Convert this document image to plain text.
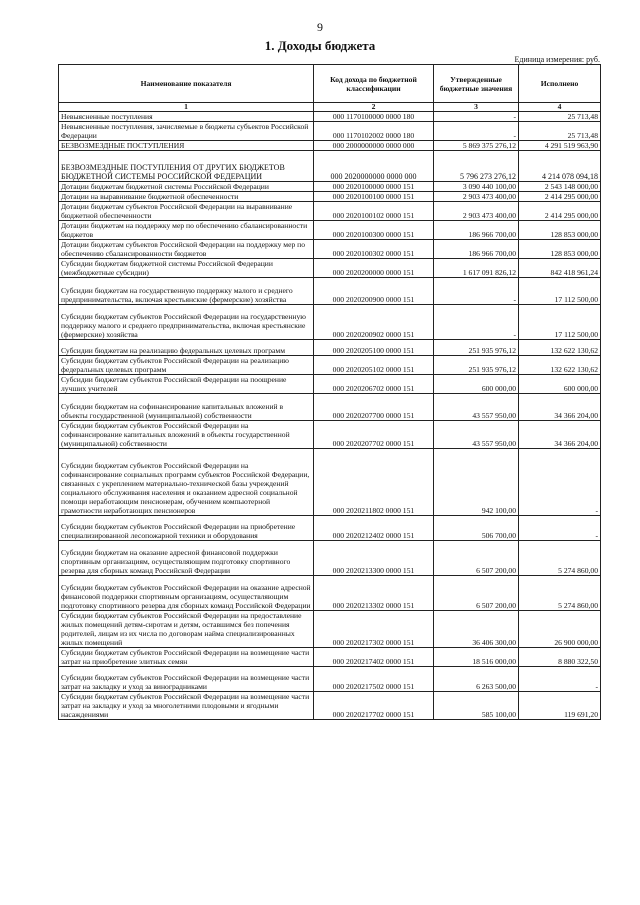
9
1. Доходы бюджета
Единица измерения: руб.
Наименование показателя	Код дохода по бюджетной классификации	Утвержденные бюджетные значения	Исполнено
1	2	3	4
Невыясненные поступления	000 1170100000 0000 180	-	25 713,48
Невыясненные поступления, зачисляемые в бюджеты субъектов Российской Федерации	000 1170102002 0000 180	-	25 713,48
БЕЗВОЗМЕЗДНЫЕ ПОСТУПЛЕНИЯ	000 2000000000 0000 000	5 869 375 276,12	4 291 519 963,90
БЕЗВОЗМЕЗДНЫЕ ПОСТУПЛЕНИЯ ОТ ДРУГИХ БЮДЖЕТОВ БЮДЖЕТНОЙ СИСТЕМЫ РОССИЙСКОЙ ФЕДЕРАЦИИ	000 2020000000 0000 000	5 796 273 276,12	4 214 078 094,18
Дотации бюджетам бюджетной системы Российской Федерации	000 2020100000 0000 151	3 090 440 100,00	2 543 148 000,00
Дотации на выравнивание бюджетной обеспеченности	000 2020100100 0000 151	2 903 473 400,00	2 414 295 000,00
Дотации бюджетам субъектов Российской Федерации на выравнивание бюджетной обеспеченности	000 2020100102 0000 151	2 903 473 400,00	2 414 295 000,00
Дотации бюджетам на поддержку мер по обеспечению сбалансированности бюджетов	000 2020100300 0000 151	186 966 700,00	128 853 000,00
Дотации бюджетам субъектов Российской Федерации на поддержку мер по обеспечению сбалансированности бюджетов	000 2020100302 0000 151	186 966 700,00	128 853 000,00
Субсидии бюджетам бюджетной системы Российской Федерации (межбюджетные субсидии)	000 2020200000 0000 151	1 617 091 826,12	842 418 961,24
Субсидии бюджетам на государственную поддержку малого и среднего предпринимательства, включая крестьянские (фермерские) хозяйства	000 2020200900 0000 151	-	17 112 500,00
Субсидии бюджетам субъектов Российской Федерации на государственную поддержку малого и среднего предпринимательства, включая крестьянские (фермерские) хозяйства	000 2020200902 0000 151	-	17 112 500,00
Субсидии бюджетам на реализацию федеральных целевых программ	000 2020205100 0000 151	251 935 976,12	132 622 130,62
Субсидии бюджетам субъектов Российской Федерации на реализацию федеральных целевых программ	000 2020205102 0000 151	251 935 976,12	132 622 130,62
Субсидии бюджетам субъектов Российской Федерации на поощрение лучших учителей	000 2020206702 0000 151	600 000,00	600 000,00
Субсидии бюджетам на софинансирование капитальных вложений в объекты государственной (муниципальной) собственности	000 2020207700 0000 151	43 557 950,00	34 366 204,00
Субсидии бюджетам субъектов Российской Федерации на софинансирование капитальных вложений в объекты государственной (муниципальной) собственности	000 2020207702 0000 151	43 557 950,00	34 366 204,00
Субсидии бюджетам субъектов Российской Федерации на софинансирование социальных программ субъектов Российской Федерации, связанных с укреплением материально-технической базы учреждений социального обслуживания населения и оказанием адресной социальной помощи неработающим пенсионерам, обучением компьютерной грамотности неработающих пенсионеров	000 2020211802 0000 151	942 100,00	-
Субсидии бюджетам субъектов Российской Федерации на приобретение специализированной лесопожарной техники и оборудования	000 2020212402 0000 151	506 700,00	-
Субсидии бюджетам на оказание адресной финансовой поддержки спортивным организациям, осуществляющим подготовку спортивного резерва для сборных команд Российской Федерации	000 2020213300 0000 151	6 507 200,00	5 274 860,00
Субсидии бюджетам субъектов Российской Федерации на оказание адресной финансовой поддержки спортивным организациям, осуществляющим подготовку спортивного резерва для сборных команд Российской Федерации	000 2020213302 0000 151	6 507 200,00	5 274 860,00
Субсидии бюджетам субъектов Российской Федерации на предоставление жилых помещений детям-сиротам и детям, оставшимся без попечения родителей, лицам из их числа по договорам найма специализированных жилых помещений	000 2020217302 0000 151	36 406 300,00	26 900 000,00
Субсидии бюджетам субъектов Российской Федерации на возмещение части затрат на приобретение элитных семян	000 2020217402 0000 151	18 516 000,00	8 880 322,50
Субсидии бюджетам субъектов Российской Федерации на возмещение части затрат на закладку и уход за виноградниками	000 2020217502 0000 151	6 263 500,00	-
Субсидии бюджетам субъектов Российской Федерации на возмещение части затрат на закладку и уход за многолетними плодовыми и ягодными насаждениями	000 2020217702 0000 151	585 100,00	119 691,20
